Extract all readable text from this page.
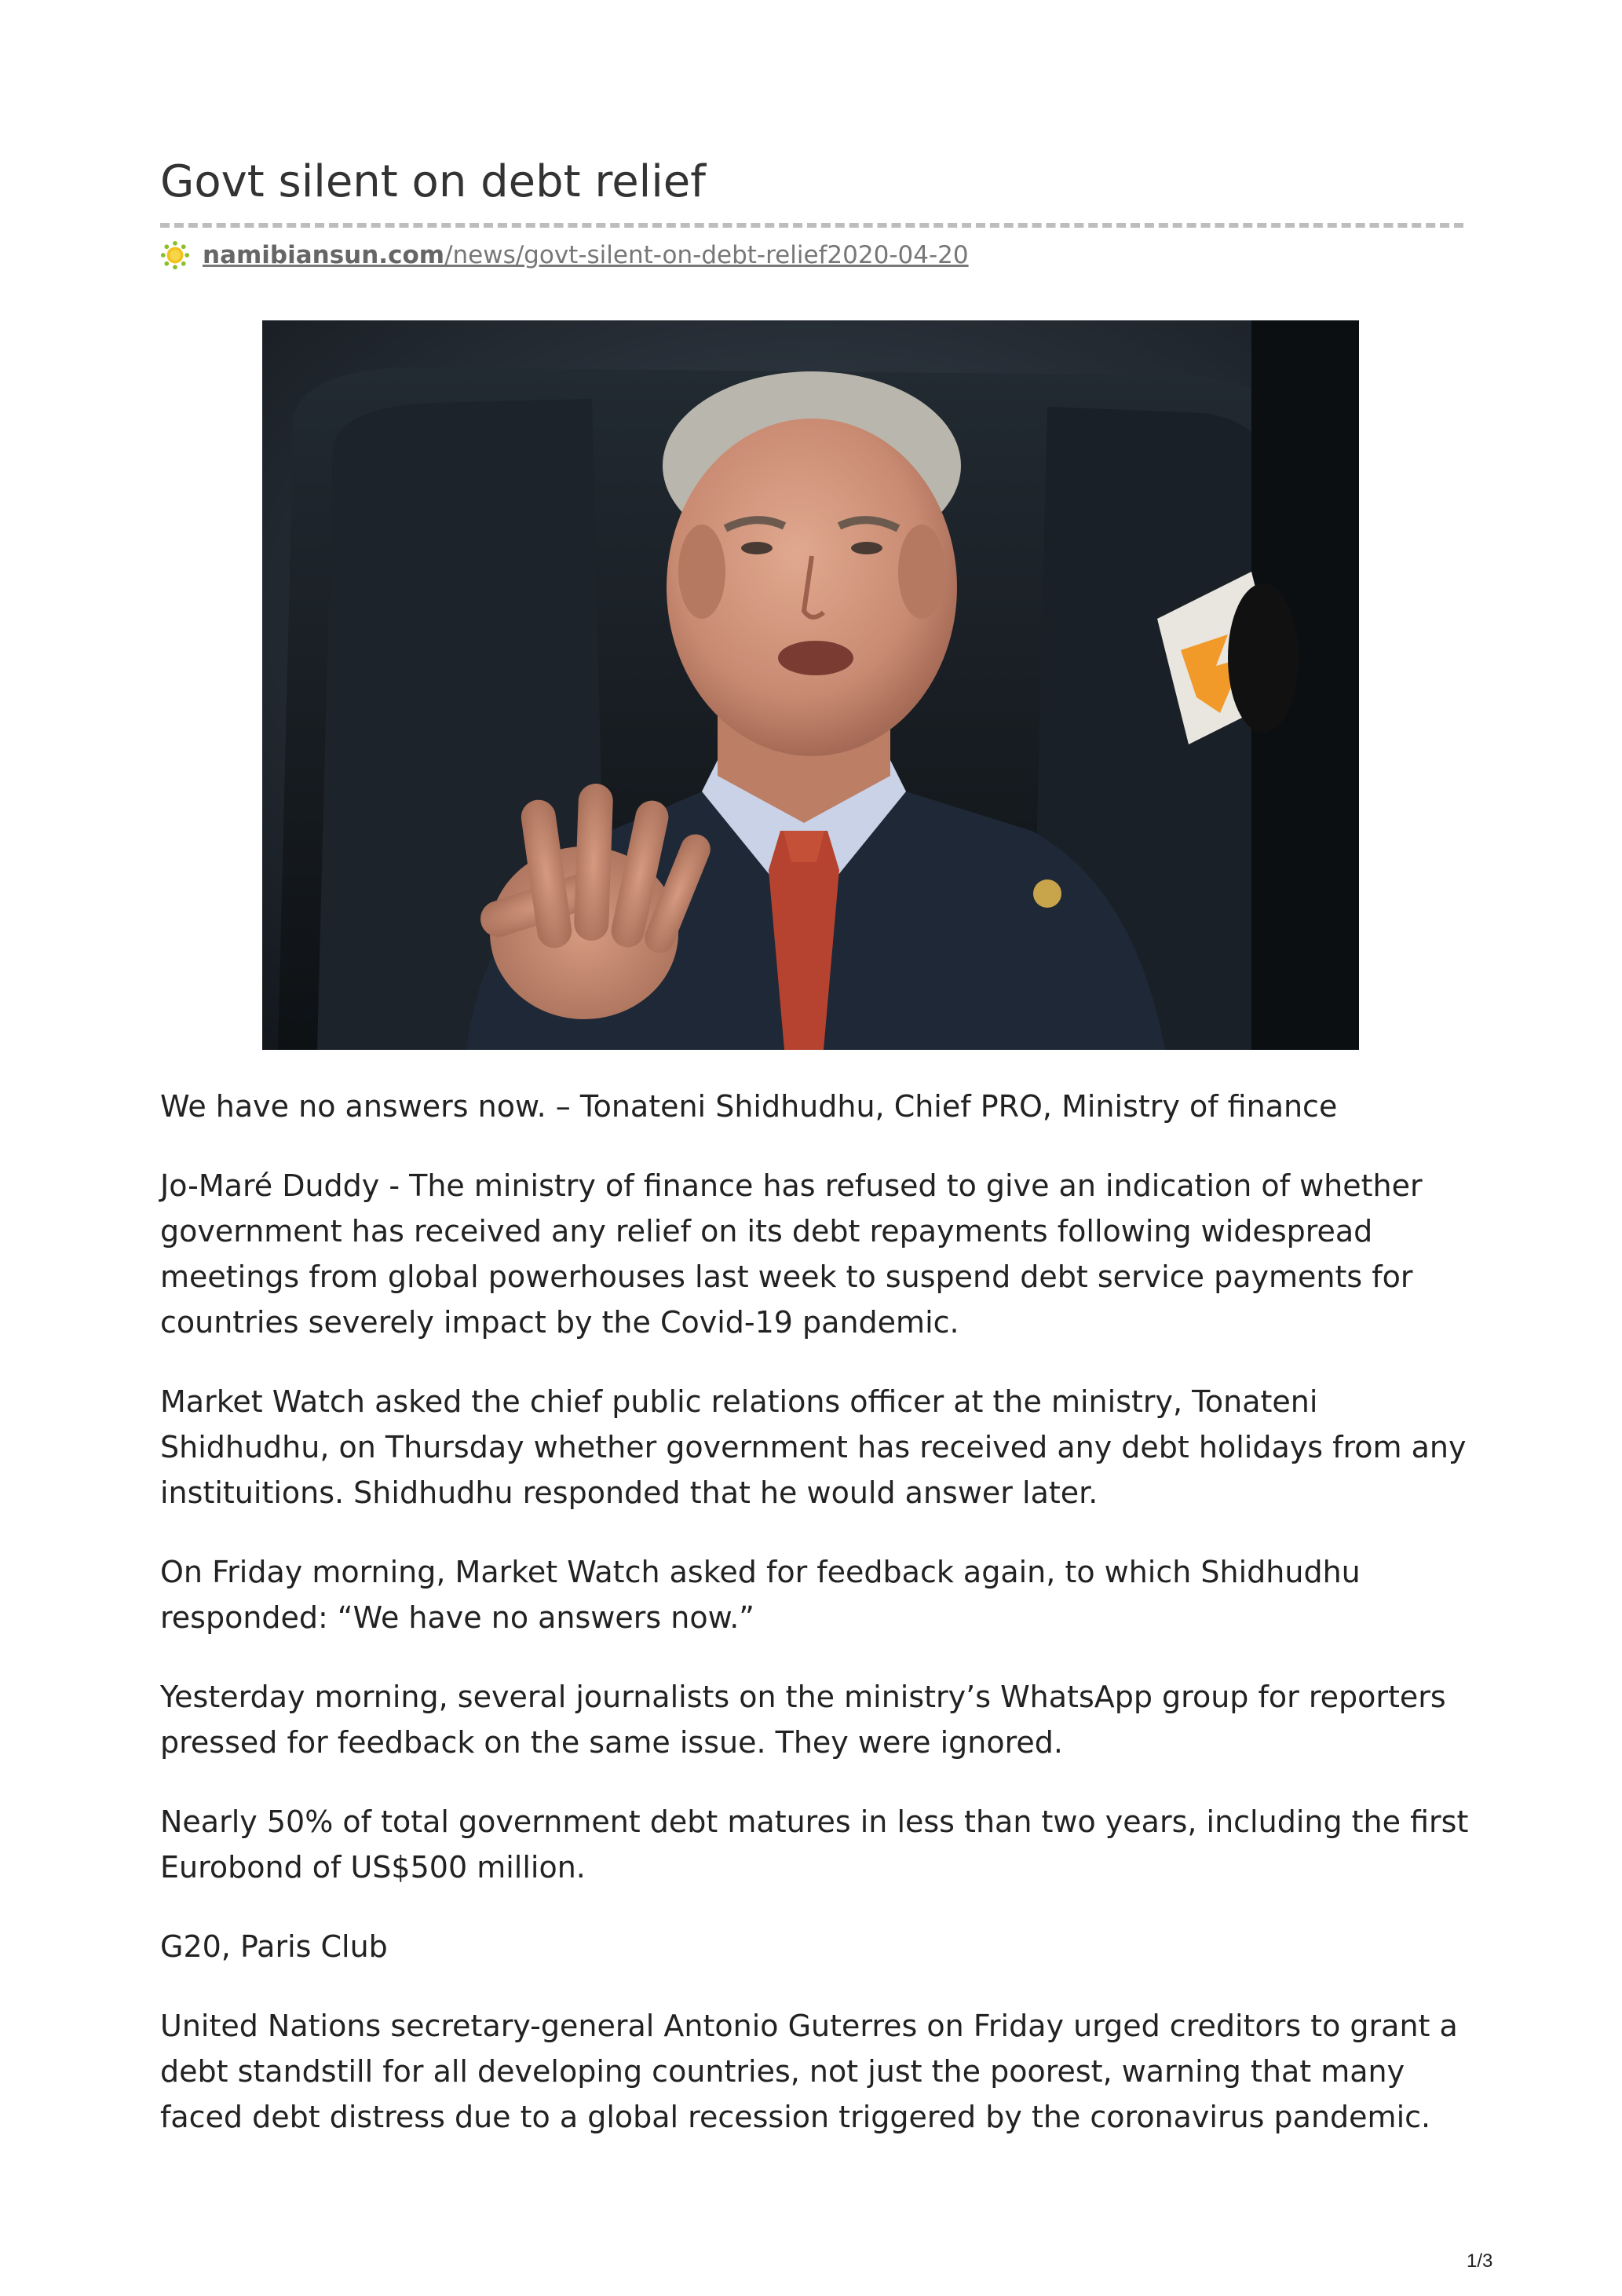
Govt silent on debt relief
namibiansun.com/news/govt-silent-on-debt-relief2020-04-20

We have no answers now. – Tonateni Shidhudhu, Chief PRO, Ministry of finance

Jo-Maré Duddy - The ministry of finance has refused to give an indication of whether government has received any relief on its debt repayments following widespread meetings from global powerhouses last week to suspend debt service payments for countries severely impact by the Covid-19 pandemic.

Market Watch asked the chief public relations officer at the ministry, Tonateni Shidhudhu, on Thursday whether government has received any debt holidays from any instituitions. Shidhudhu responded that he would answer later.

On Friday morning, Market Watch asked for feedback again, to which Shidhudhu responded: “We have no answers now.”

Yesterday morning, several journalists on the ministry’s WhatsApp group for reporters pressed for feedback on the same issue. They were ignored.

Nearly 50% of total government debt matures in less than two years, including the first Eurobond of US$500 million.

G20, Paris Club

United Nations secretary-general Antonio Guterres on Friday urged creditors to grant a debt standstill for all developing countries, not just the poorest, warning that many faced debt distress due to a global recession triggered by the coronavirus pandemic.

1/3
